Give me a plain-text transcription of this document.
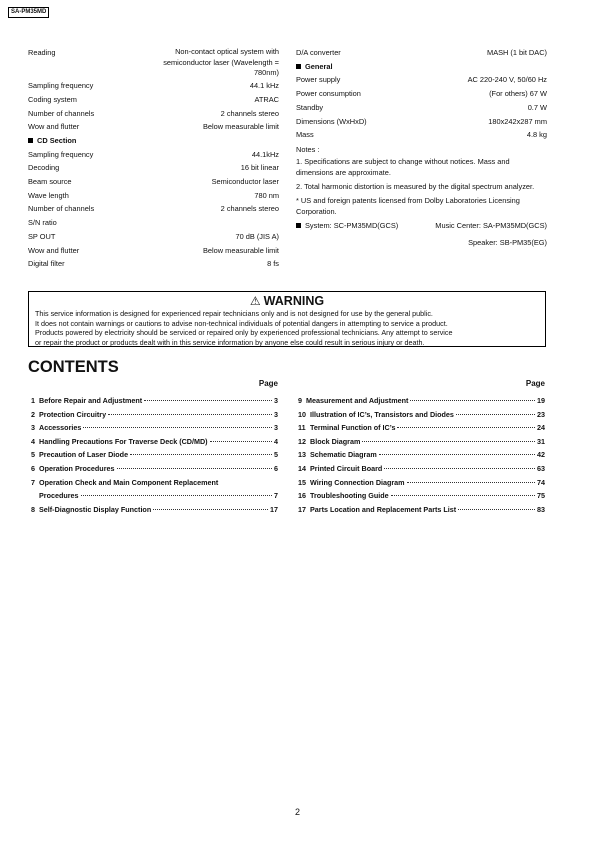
SA-PM35MD
Reading	Non-contact optical system with semiconductor laser (Wavelength = 780nm)
Sampling frequency	44.1 kHz
Coding system	ATRAC
Number of channels	2 channels stereo
Wow and flutter	Below measurable limit
CD Section
Sampling frequency	44.1kHz
Decoding	16 bit linear
Beam source	Semiconductor laser
Wave length	780 nm
Number of channels	2 channels stereo
S/N ratio
SP OUT	70 dB (JIS A)
Wow and flutter	Below measurable limit
Digital filter	8 fs
D/A converter	MASH (1 bit DAC)
General
Power supply	AC 220-240 V, 50/60 Hz
Power consumption	(For others) 67 W
Standby	0.7 W
Dimensions (WxHxD)	180x242x287 mm
Mass	4.8 kg
Notes :
1. Specifications are subject to change without notices. Mass and dimensions are approximate.
2. Total harmonic distortion is measured by the digital spectrum analyzer.
* US and foreign patents licensed from Dolby Laboratories Licensing Corporation.
System: SC-PM35MD(GCS)	Music Center: SA-PM35MD(GCS)
Speaker: SB-PM35(EG)
⚠ WARNING
This service information is designed for experienced repair technicians only and is not designed for use by the general public.
It does not contain warnings or cautions to advise non-technical individuals of potential dangers in attempting to service a product.
Products powered by electricity should be serviced or repaired only by experienced professional technicians. Any attempt to service
or repair the product or products dealt with in this service information by anyone else could result in serious injury or death.
CONTENTS
Page
1 Before Repair and Adjustment	3
2 Protection Circuitry	3
3 Accessories	3
4 Handling Precautions For Traverse Deck (CD/MD)	4
5 Precaution of Laser Diode	5
6 Operation Procedures	6
7 Operation Check and Main Component Replacement
Procedures	7
8 Self-Diagnostic Display Function	17
Page
9 Measurement and Adjustment	19
10 Illustration of IC’s, Transistors and Diodes	23
11 Terminal Function of IC’s	24
12 Block Diagram	31
13 Schematic Diagram	42
14 Printed Circuit Board	63
15 Wiring Connection Diagram	74
16 Troubleshooting Guide	75
17 Parts Location and Replacement Parts List	83
2
